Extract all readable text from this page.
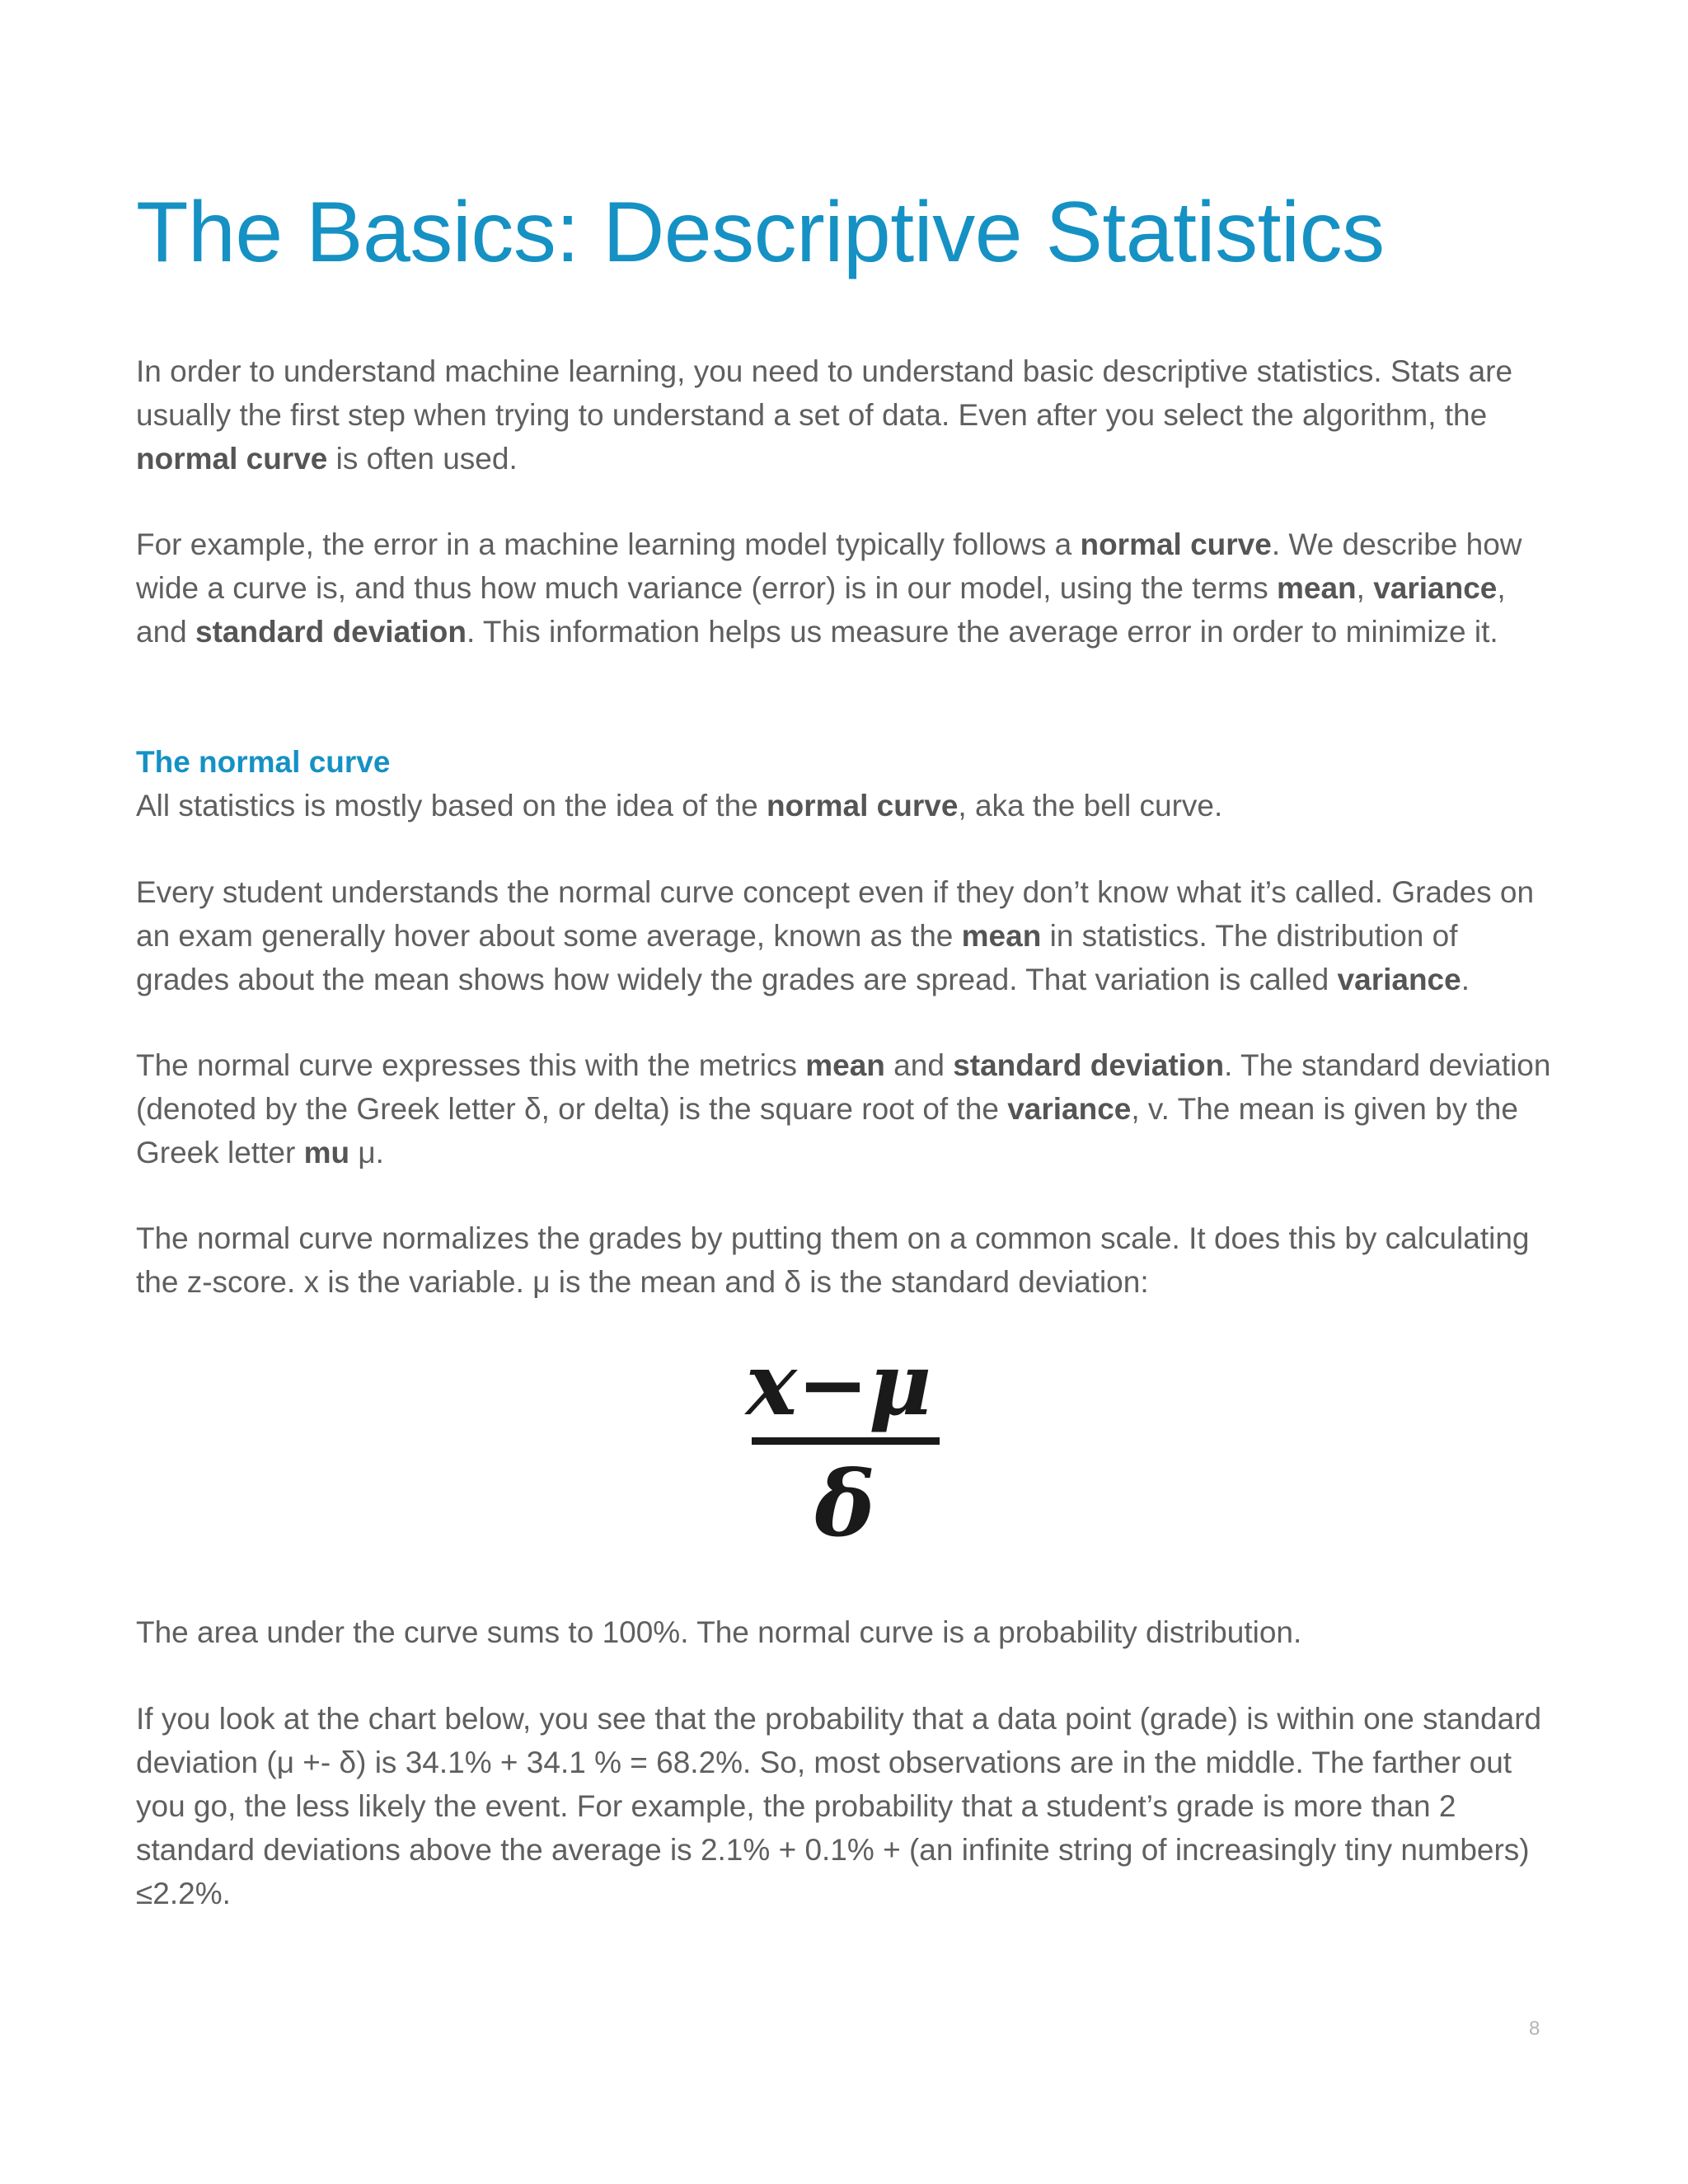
The Basics: Descriptive Statistics

In order to understand machine learning, you need to understand basic descriptive statistics. Stats are usually the first step when trying to understand a set of data. Even after you select the algorithm, the normal curve is often used.

For example, the error in a machine learning model typically follows a normal curve. We describe how wide a curve is, and thus how much variance (error) is in our model, using the terms mean, variance, and standard deviation. This information helps us measure the average error in order to minimize it.

The normal curve

All statistics is mostly based on the idea of the normal curve, aka the bell curve.

Every student understands the normal curve concept even if they don’t know what it’s called. Grades on an exam generally hover about some average, known as the mean in statistics. The distribution of grades about the mean shows how widely the grades are spread. That variation is called variance.

The normal curve expresses this with the metrics mean and standard deviation. The standard deviation (denoted by the Greek letter δ, or delta) is the square root of the variance, v. The mean is given by the Greek letter mu μ.

The normal curve normalizes the grades by putting them on a common scale. It does this by calculating the z-score. x is the variable. μ is the mean and δ is the standard deviation:

x−μ
δ

The area under the curve sums to 100%. The normal curve is a probability distribution.

If you look at the chart below, you see that the probability that a data point (grade) is within one standard deviation (μ +- δ) is 34.1% + 34.1 % = 68.2%. So, most observations are in the middle. The farther out you go, the less likely the event. For example, the probability that a student’s grade is more than 2 standard deviations above the average is 2.1% + 0.1% + (an infinite string of increasingly tiny numbers) ≤2.2%.

8
